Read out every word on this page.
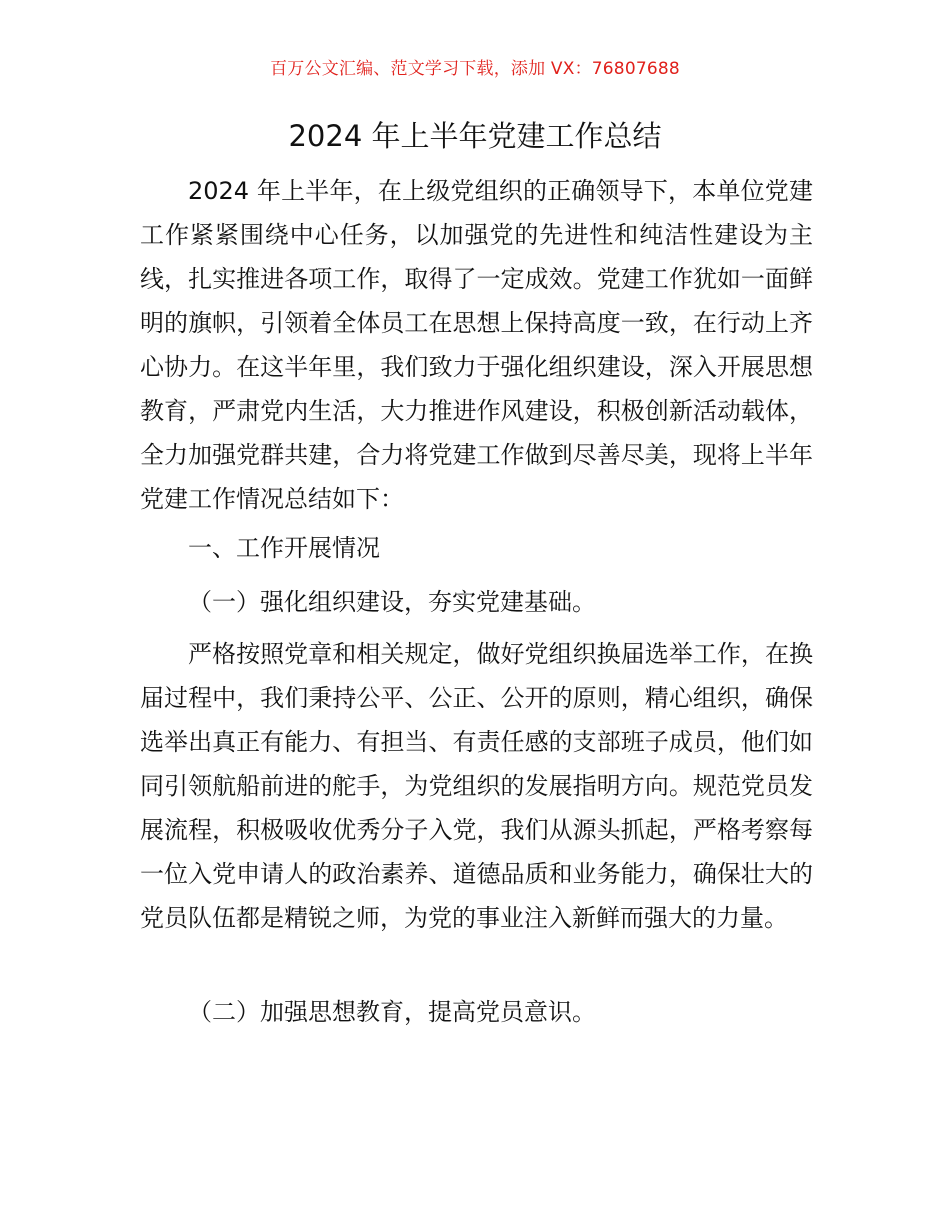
百万公文汇编、范文学习下载，添加 VX：76807688
2024 年上半年党建工作总结

2024 年上半年，在上级党组织的正确领导下，本单位党建工作紧紧围绕中心任务，以加强党的先进性和纯洁性建设为主线，扎实推进各项工作，取得了一定成效。党建工作犹如一面鲜明的旗帜，引领着全体员工在思想上保持高度一致，在行动上齐心协力。在这半年里，我们致力于强化组织建设，深入开展思想教育，严肃党内生活，大力推进作风建设，积极创新活动载体，全力加强党群共建，合力将党建工作做到尽善尽美，现将上半年党建工作情况总结如下：

一、工作开展情况

（一）强化组织建设，夯实党建基础。

严格按照党章和相关规定，做好党组织换届选举工作，在换届过程中，我们秉持公平、公正、公开的原则，精心组织，确保选举出真正有能力、有担当、有责任感的支部班子成员，他们如同引领航船前进的舵手，为党组织的发展指明方向。规范党员发展流程，积极吸收优秀分子入党，我们从源头抓起，严格考察每一位入党申请人的政治素养、道德品质和业务能力，确保壮大的党员队伍都是精锐之师，为党的事业注入新鲜而强大的力量。

（二）加强思想教育，提高党员意识。
